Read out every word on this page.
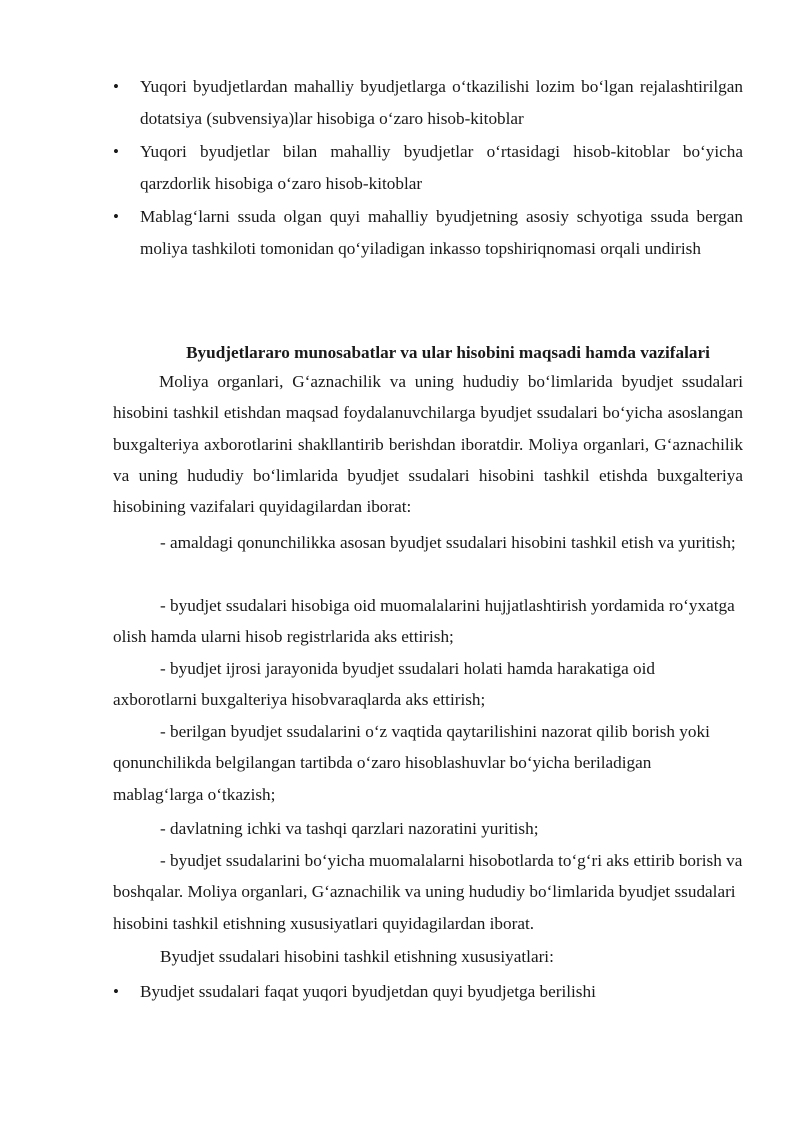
• Yuqori byudjetlardan mahalliy byudjetlarga o‘tkazilishi lozim bo‘lgan rejalashtirilgan dotatsiya (subvensiya)lar hisobiga o‘zaro hisob-kitoblar
• Yuqori byudjetlar bilan mahalliy byudjetlar o‘rtasidagi hisob-kitoblar bo‘yicha qarzdorlik hisobiga o‘zaro hisob-kitoblar
• Mablag‘larni ssuda olgan quyi mahalliy byudjetning asosiy schyotiga ssuda bergan moliya tashkiloti tomonidan qo‘yiladigan inkasso topshiriqnomasi orqali undirish
Byudjetlararo munosabatlar va ular hisobini maqsadi hamda vazifalari

Moliya organlari, G‘aznachilik va uning hududiy bo‘limlarida byudjet ssudalari hisobini tashkil etishdan maqsad foydalanuvchilarga byudjet ssudalari bo‘yicha asoslangan buxgalteriya axborotlarini shakllantirib berishdan iboratdir. Moliya organlari, G‘aznachilik va uning hududiy bo‘limlarida byudjet ssudalari hisobini tashkil etishda buxgalteriya hisobining vazifalari quyidagilardan iborat:

- amaldagi qonunchilikka asosan byudjet ssudalari hisobini tashkil etish va yuritish;

- byudjet ssudalari hisobiga oid muomalalarini hujjatlashtirish yordamida ro‘yxatga olish hamda ularni hisob registrlarida aks ettirish;

- byudjet ijrosi jarayonida byudjet ssudalari holati hamda harakatiga oid axborotlarni buxgalteriya hisobvaraqlarda aks ettirish;

- berilgan byudjet ssudalarini o‘z vaqtida qaytarilishini nazorat qilib borish yoki qonunchilikda belgilangan tartibda o‘zaro hisoblashuvlar bo‘yicha beriladigan mablag‘larga o‘tkazish;

- davlatning ichki va tashqi qarzlari nazoratini yuritish;

- byudjet ssudalarini bo‘yicha muomalalarni hisobotlarda to‘g‘ri aks ettirib borish va boshqalar. Moliya organlari, G‘aznachilik va uning hududiy bo‘limlarida byudjet ssudalari hisobini tashkil etishning xususiyatlari quyidagilardan iborat.

Byudjet ssudalari hisobini tashkil etishning xususiyatlari:

• Byudjet ssudalari faqat yuqori byudjetdan quyi byudjetga berilishi
